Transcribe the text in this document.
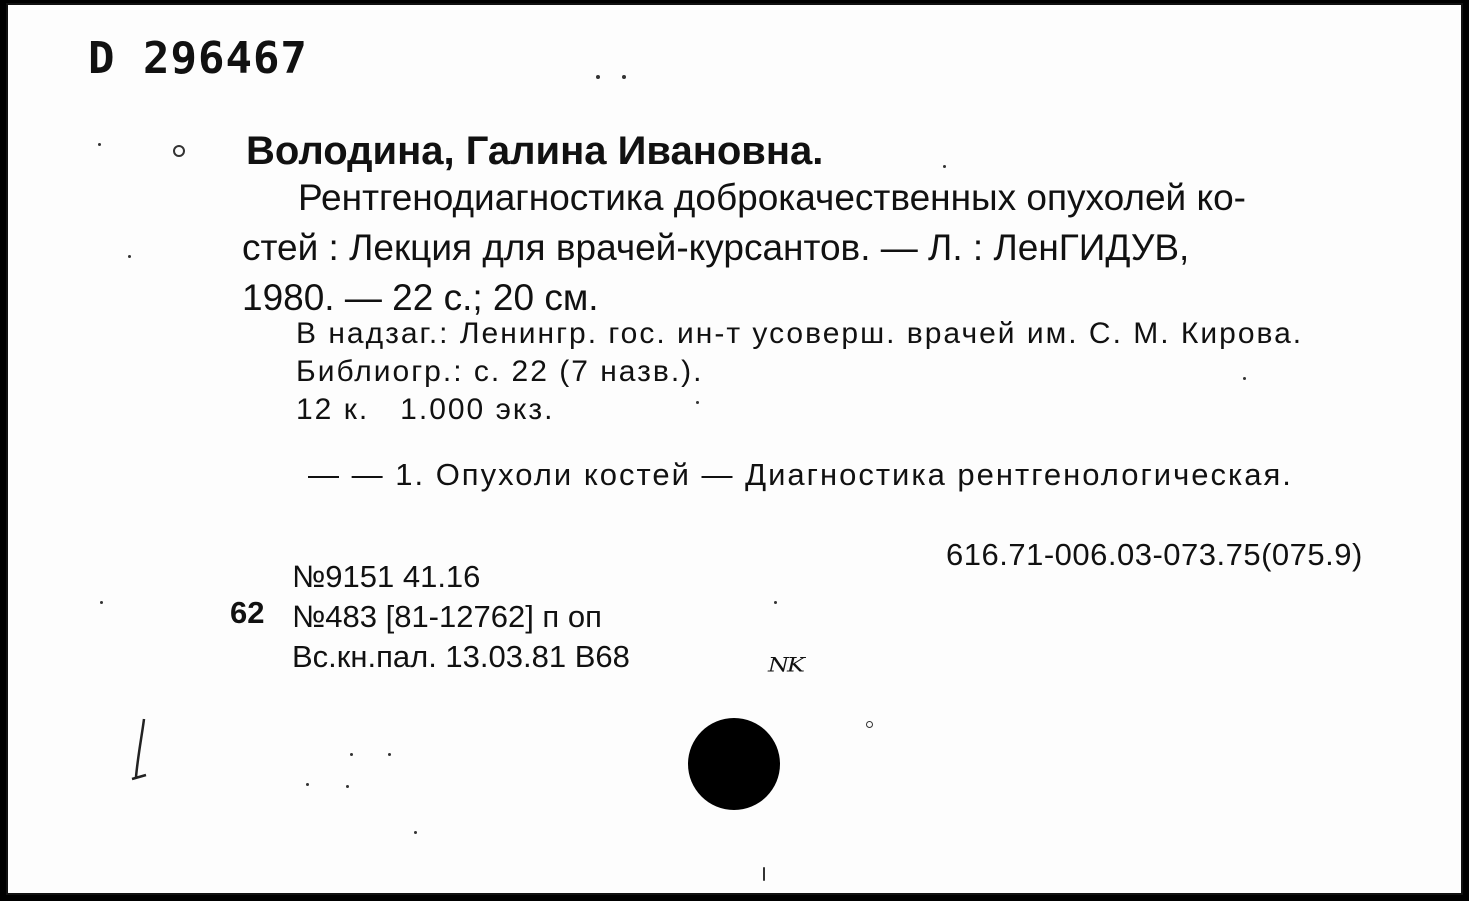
D 296467
Володина, Галина Ивановна.
Рентгенодиагностика доброкачественных опухолей ко-
стей : Лекция для врачей-курсантов. — Л. : ЛенГИДУВ,
1980. — 22 с.; 20 см.
В надзаг.: Ленингр. гос. ин-т усоверш. врачей им. С. М. Кирова.
Библиогр.: с. 22 (7 назв.).
12 к.   1.000 экз.
— — 1. Опухоли костей — Диагностика рентгенологическая.
616.71-006.03-073.75(075.9)
№9151 41.16
№483 [81-12762] п оп
Вс.кн.пал. 13.03.81 В68
62
NK
